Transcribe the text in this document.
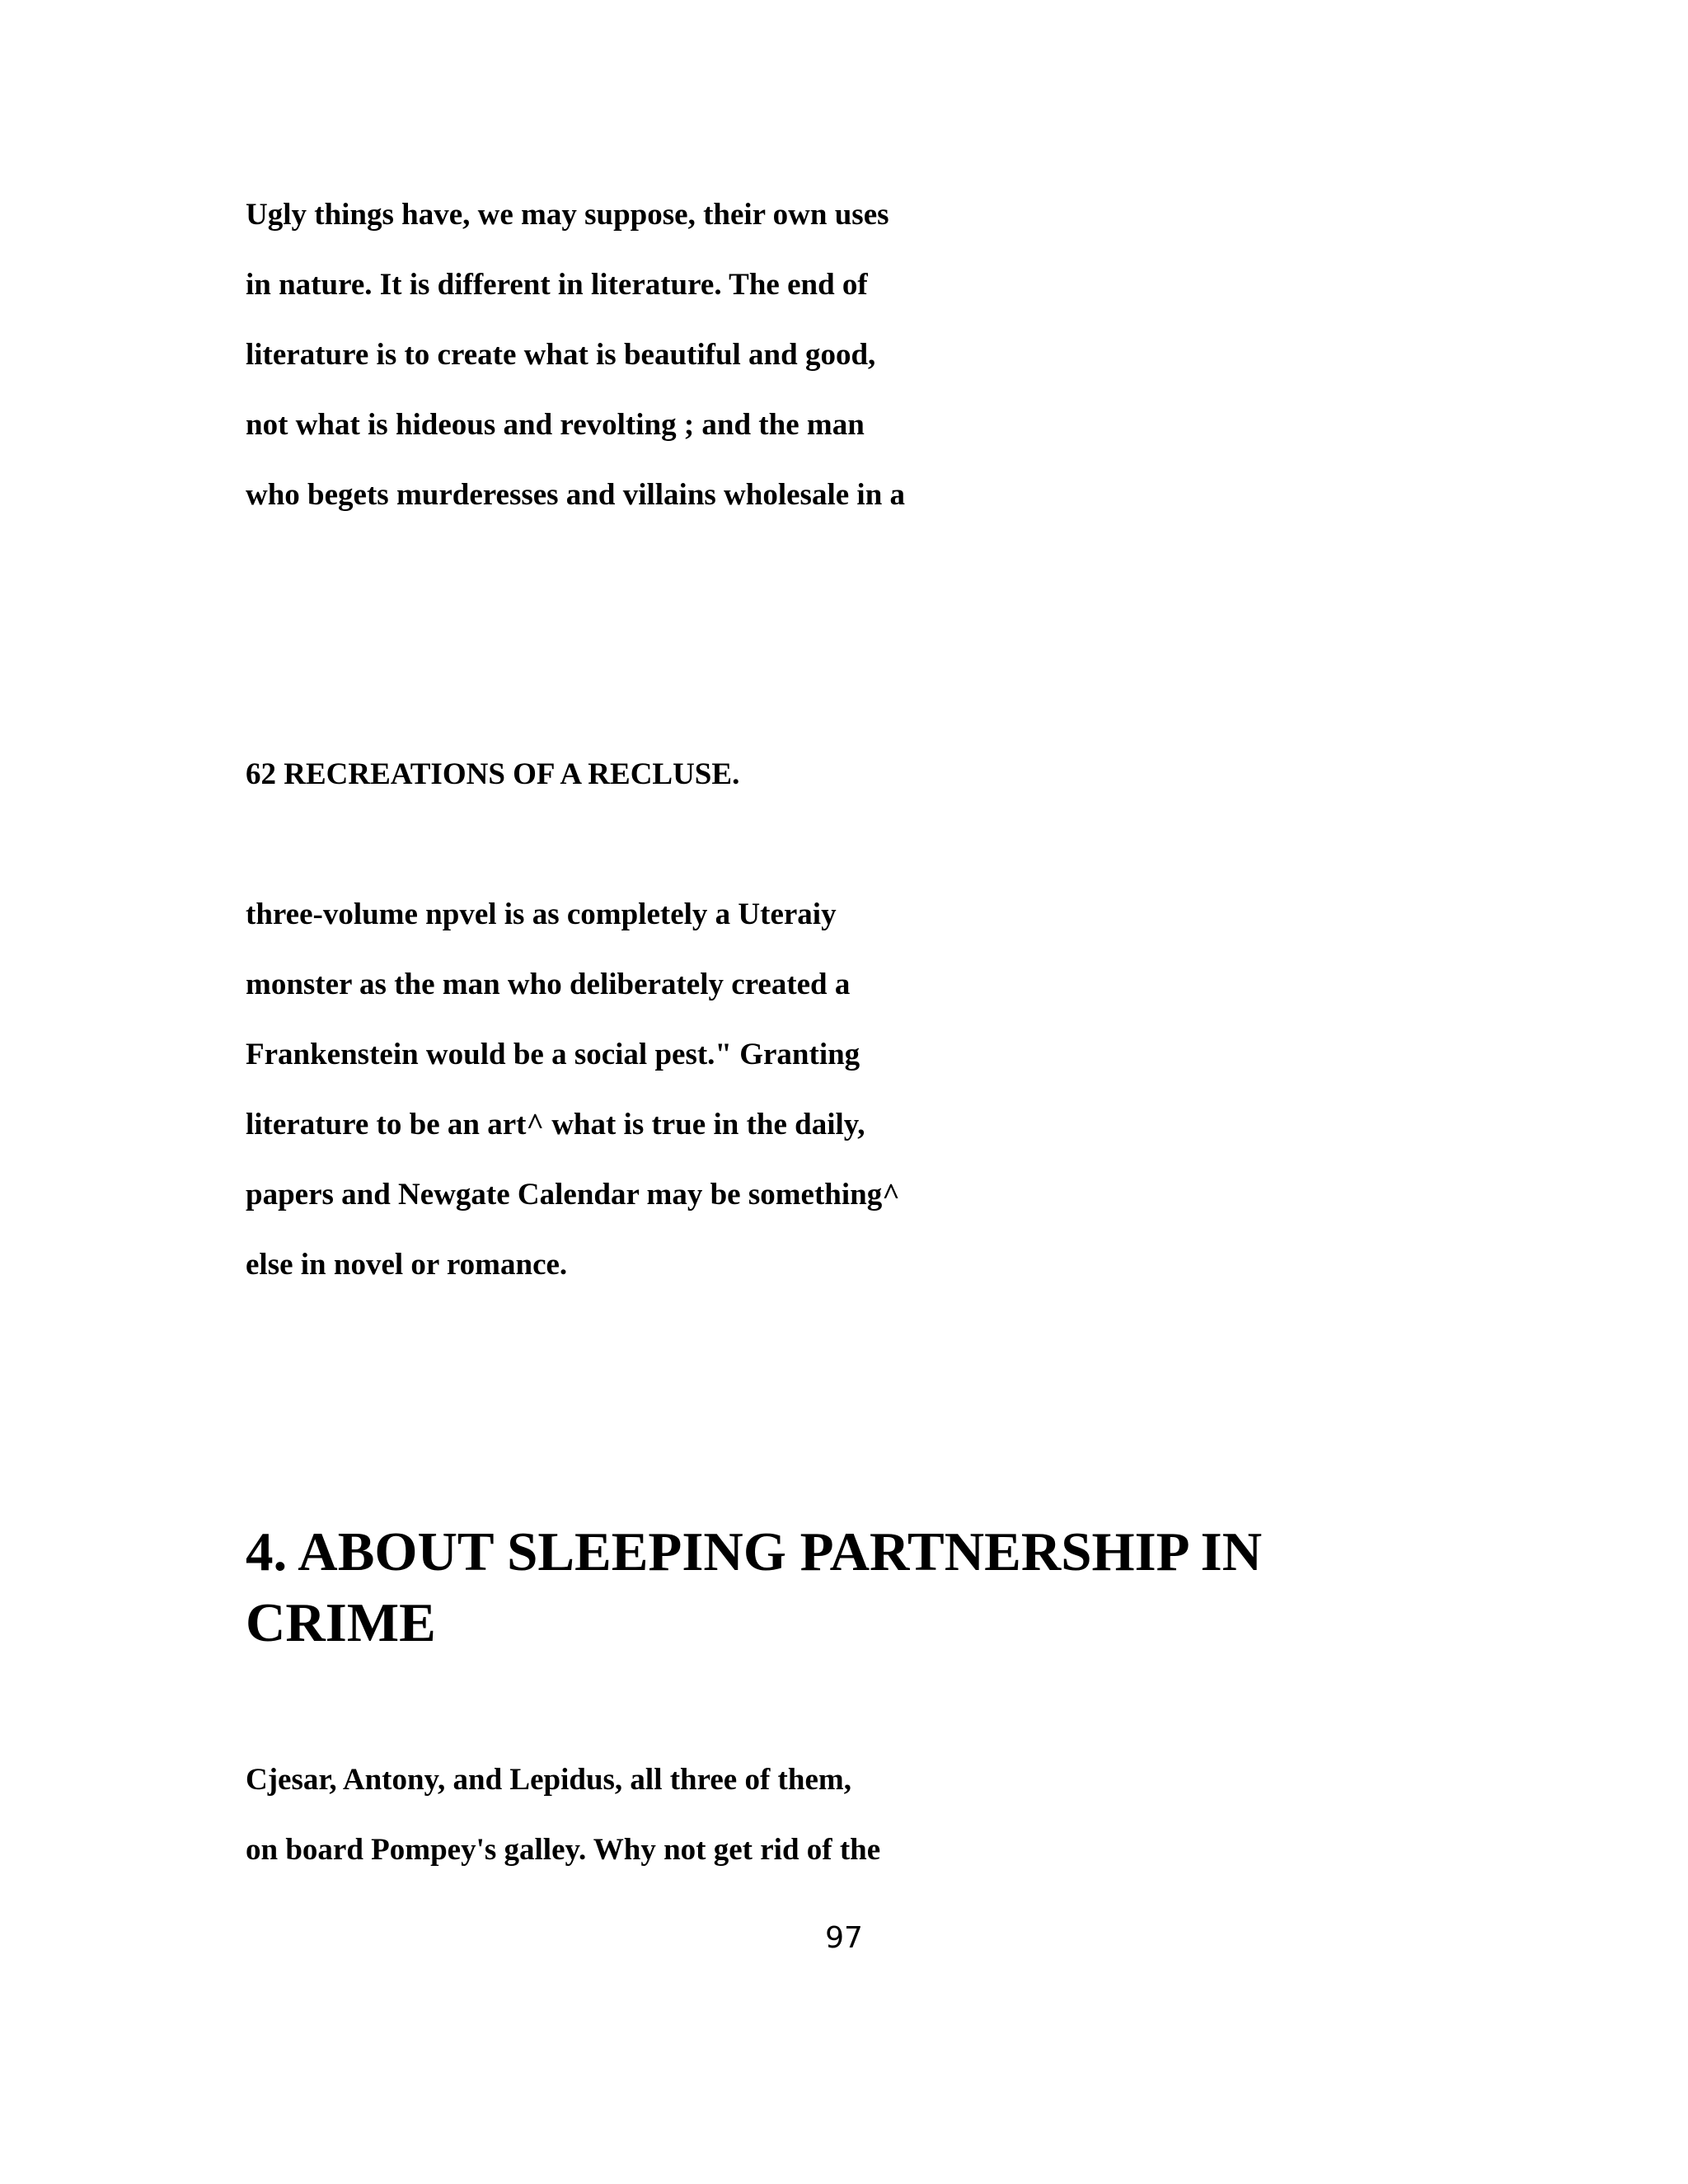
Ugly things have, we may suppose, their own uses

in nature. It is different in literature. The end of

literature is to create what is beautiful and good,

not what is hideous and revolting ; and the man

who begets murderesses and villains wholesale in a

62 RECREATIONS OF A RECLUSE.

three-volume npvel is as completely a Uteraiy

monster as the man who deliberately created a

Frankenstein would be a social pest." Granting

literature to be an art^ what is true in the daily,

papers and Newgate Calendar may be something^

else in novel or romance.

4. ABOUT SLEEPING PARTNERSHIP IN
CRIME

Cjesar, Antony, and Lepidus, all three of them,

on board Pompey's galley. Why not get rid of the

97
